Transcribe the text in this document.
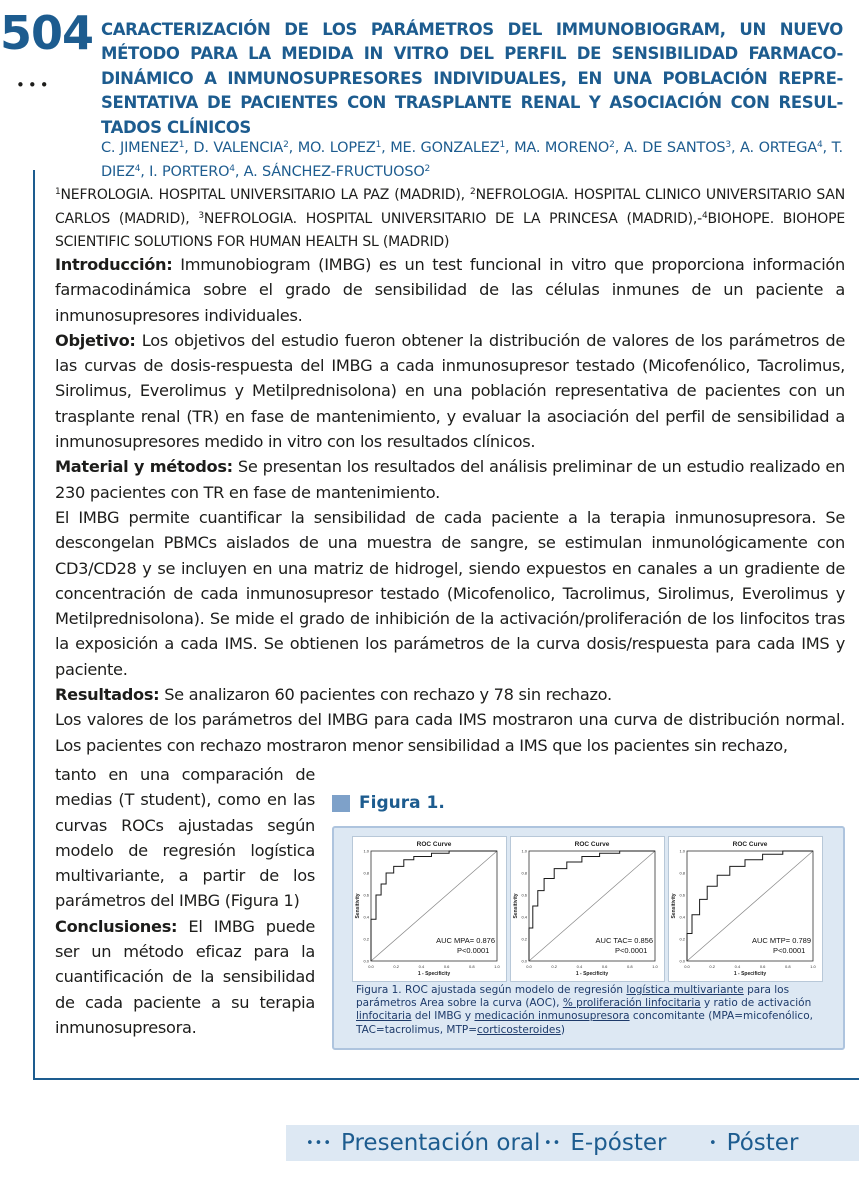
504
•••
CARACTERIZACIÓN DE LOS PARÁMETROS DEL IMMUNOBIOGRAM, UN NUEVO MÉTODO PARA LA MEDIDA IN VITRO DEL PERFIL DE SENSIBILIDAD FARMACO-DINÁMICO A INMUNOSUPRESORES INDIVIDUALES, EN UNA POBLACIÓN REPRE-SENTATIVA DE PACIENTES CON TRASPLANTE RENAL Y ASOCIACIÓN CON RESUL-TADOS CLÍNICOS
C. JIMENEZ$^1$, D. VALENCIA$^2$, MO. LOPEZ$^1$, ME. GONZALEZ$^1$, MA. MORENO$^2$, A. DE SANTOS$^3$, A. ORTEGA$^4$, T. DIEZ$^4$, I. PORTERO$^4$, A. SÁNCHEZ-FRUCTUOSO$^2$
$^1$NEFROLOGIA. HOSPITAL UNIVERSITARIO LA PAZ (MADRID), $^2$NEFROLOGIA. HOSPITAL CLINICO UNIVERSITARIO SAN CARLOS (MADRID), $^3$NEFROLOGIA. HOSPITAL UNIVERSITARIO DE LA PRINCESA (MADRID),-$^4$BIOHOPE. BIOHOPE SCIENTIFIC SOLUTIONS FOR HUMAN HEALTH SL (MADRID)

Introducción: Immunobiogram (IMBG) es un test funcional in vitro que proporciona información farmacodinámica sobre el grado de sensibilidad de las células inmunes de un paciente a inmunosupresores individuales.

Objetivo: Los objetivos del estudio fueron obtener la distribución de valores de los parámetros de las curvas de dosis-respuesta del IMBG a cada inmunosupresor testado (Micofenólico, Tacrolimus, Sirolimus, Everolimus y Metilprednisolona) en una población representativa de pacientes con un trasplante renal (TR) en fase de mantenimiento, y evaluar la asociación del perfil de sensibilidad a inmunosupresores medido in vitro con los resultados clínicos.

Material y métodos: Se presentan los resultados del análisis preliminar de un estudio realizado en 230 pacientes con TR en fase de mantenimiento.

El IMBG permite cuantificar la sensibilidad de cada paciente a la terapia inmunosupresora. Se descongelan PBMCs aislados de una muestra de sangre, se estimulan inmunológicamente con CD3/CD28 y se incluyen en una matriz de hidrogel, siendo expuestos en canales a un gradiente de concentración de cada inmunosupresor testado (Micofenolico, Tacrolimus, Sirolimus, Everolimus y Metilprednisolona). Se mide el grado de inhibición de la activación/proliferación de los linfocitos tras la exposición a cada IMS. Se obtienen los parámetros de la curva dosis/respuesta para cada IMS y paciente.

Resultados: Se analizaron 60 pacientes con rechazo y 78 sin rechazo.

Los valores de los parámetros del IMBG para cada IMS mostraron una curva de distribución normal. Los pacientes con rechazo mostraron menor sensibilidad a IMS que los pacientes sin rechazo,

tanto en una comparación de medias (T student), como en las curvas ROCs ajustadas según modelo de regresión logística multivariante, a partir de los parámetros del IMBG (Figura 1)

Conclusiones: El IMBG puede ser un método eficaz para la cuantificación de la sensibilidad de cada paciente a su terapia inmunosupresora.

Figura 1.
ROC Curve
0.0
0.0
0.2
0.2
0.4
0.4
0.6
0.6
0.8
0.8
1.0
1.0
1 - Specificity
Sensitivity
AUC MPA= 0.876
P<0.0001
ROC Curve
0.0
0.0
0.2
0.2
0.4
0.4
0.6
0.6
0.8
0.8
1.0
1.0
1 - Specificity
Sensitivity
AUC TAC= 0.856
P<0.0001
ROC Curve
0.0
0.0
0.2
0.2
0.4
0.4
0.6
0.6
0.8
0.8
1.0
1.0
1 - Specificity
Sensitivity
AUC MTP= 0.789
P<0.0001
Figura 1. ROC ajustada según modelo de regresión logística multivariante para los parámetros Area sobre la curva (AOC), % proliferación linfocitaria y ratio de activación linfocitaria del IMBG y medicación inmunosupresora concomitante (MPA=micofenólico, TAC=tacrolimus, MTP=corticosteroides)
••• Presentación oral •• E-póster	• Póster
